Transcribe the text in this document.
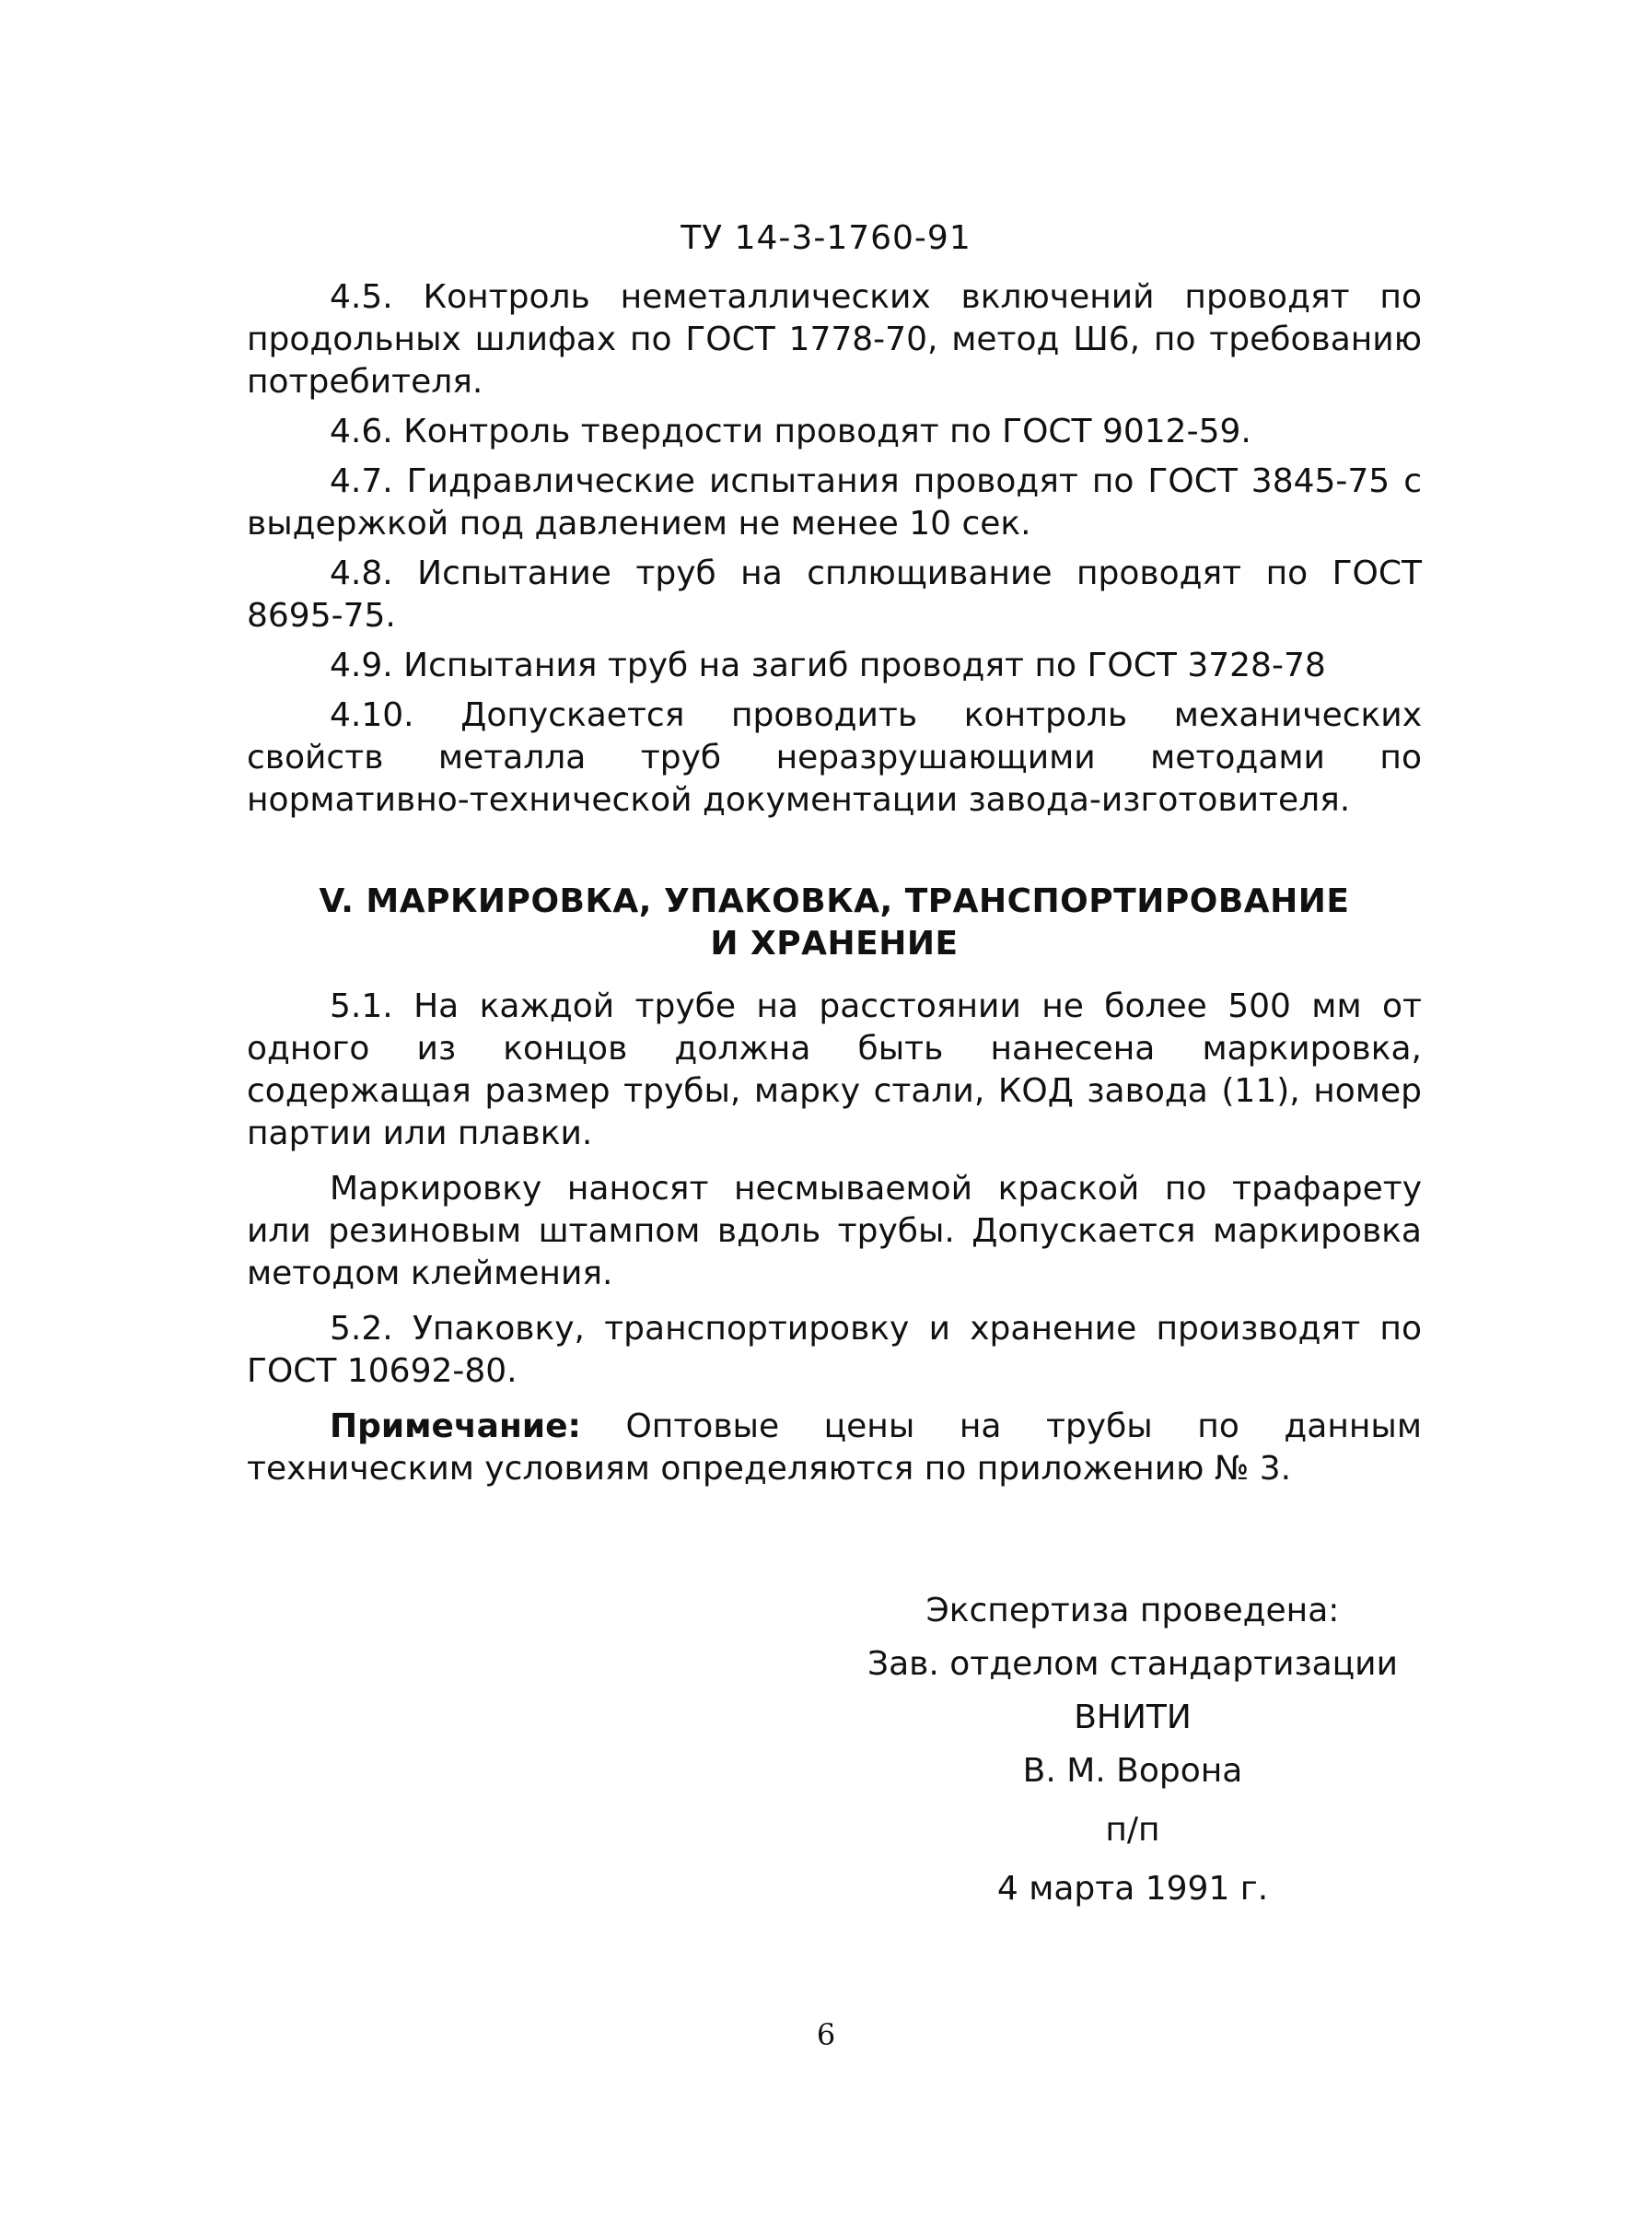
ТУ 14-3-1760-91

4.5. Контроль неметаллических включений проводят по продольных шлифах по ГОСТ 1778-70, метод Ш6, по требованию потребителя.

4.6. Контроль твердости проводят по ГОСТ 9012-59.

4.7. Гидравлические испытания проводят по ГОСТ 3845-75 с выдержкой под давлением не менее 10 сек.

4.8. Испытание труб на сплющивание проводят по ГОСТ 8695-75.

4.9. Испытания труб на загиб проводят по ГОСТ 3728-78

4.10. Допускается проводить контроль механических свойств металла труб неразрушающими методами по нормативно-технической документации завода-изготовителя.

V. МАРКИРОВКА, УПАКОВКА, ТРАНСПОРТИРОВАНИЕ
И ХРАНЕНИЕ

5.1. На каждой трубе на расстоянии не более 500 мм от одного из концов должна быть нанесена маркировка, содержащая размер трубы, марку стали, КОД завода (11), номер партии или плавки.

Маркировку наносят несмываемой краской по трафарету или резиновым штампом вдоль трубы. Допускается маркировка методом клеймения.

5.2. Упаковку, транспортировку и хранение производят по ГОСТ 10692-80.

Примечание: Оптовые цены на трубы по данным техническим условиям определяются по приложению № 3.

Экспертиза проведена:
Зав. отделом стандартизации
ВНИТИ
В. М. Ворона
п/п
4 марта 1991 г.
6
